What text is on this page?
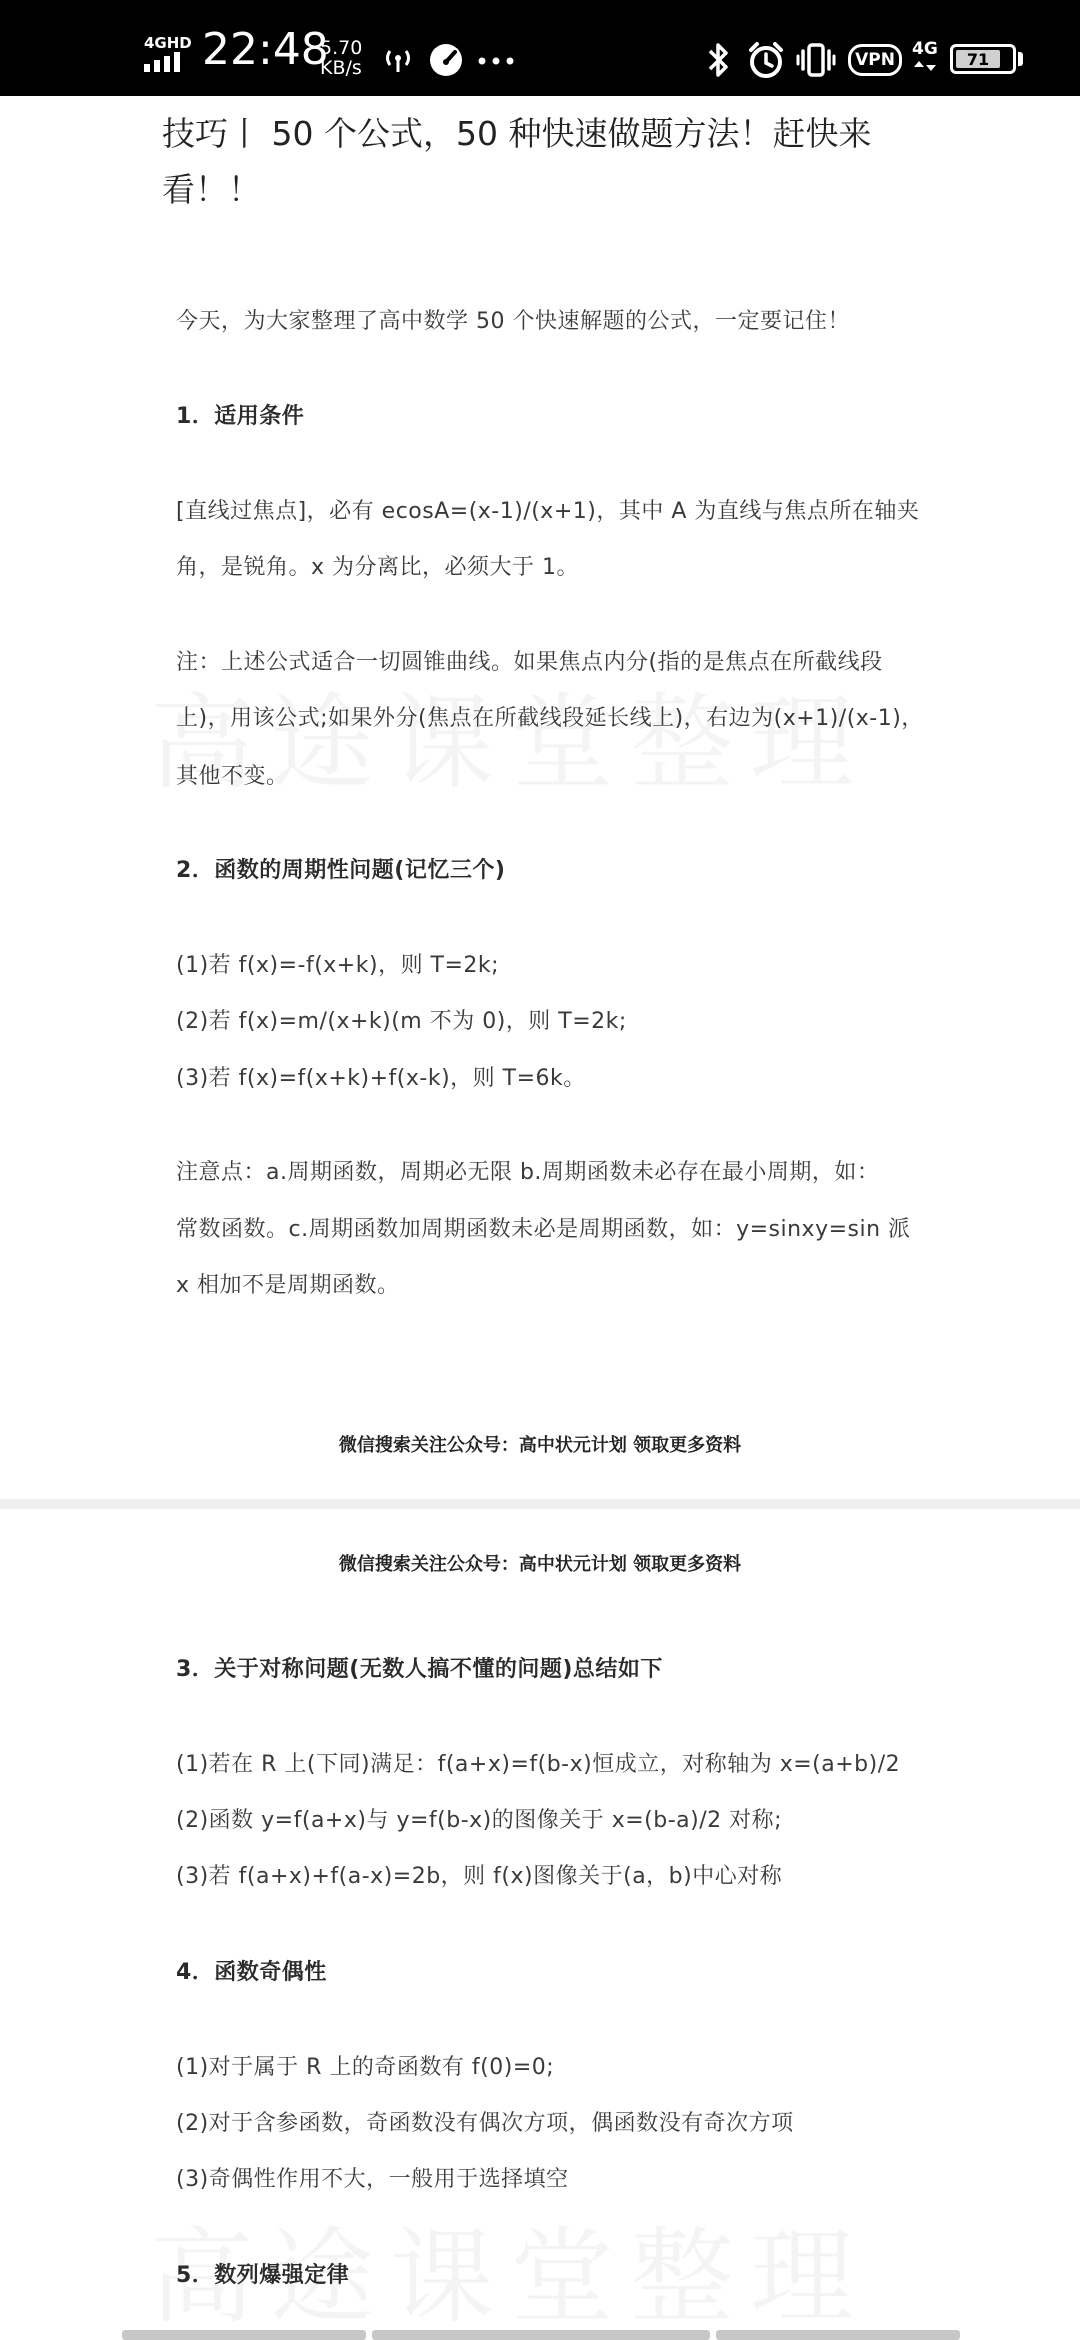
4GHD 22:48
5.70
KB/s	VPN
4G	71
技巧丨 50 个公式，50 种快速做题方法！赶快来
看！！
今天，为大家整理了高中数学 50 个快速解题的公式，一定要记住！
1．适用条件
[直线过焦点]，必有 ecosA=(x-1)/(x+1)，其中 A 为直线与焦点所在轴夹
角，是锐角。x 为分离比，必须大于 1。
注：上述公式适合一切圆锥曲线。如果焦点内分(指的是焦点在所截线段
上)，用该公式;如果外分(焦点在所截线段延长线上)，右边为(x+1)/(x-1)，
其他不变。
2．函数的周期性问题(记忆三个)
(1)若 f(x)=-f(x+k)，则 T=2k;
(2)若 f(x)=m/(x+k)(m 不为 0)，则 T=2k;
(3)若 f(x)=f(x+k)+f(x-k)，则 T=6k。
注意点：a.周期函数，周期必无限 b.周期函数未必存在最小周期，如：
常数函数。c.周期函数加周期函数未必是周期函数，如：y=sinxy=sin 派
x 相加不是周期函数。
微信搜索关注公众号：高中状元计划 领取更多资料
微信搜索关注公众号：高中状元计划 领取更多资料
3．关于对称问题(无数人搞不懂的问题)总结如下
(1)若在 R 上(下同)满足：f(a+x)=f(b-x)恒成立，对称轴为 x=(a+b)/2
(2)函数 y=f(a+x)与 y=f(b-x)的图像关于 x=(b-a)/2 对称;
(3)若 f(a+x)+f(a-x)=2b，则 f(x)图像关于(a，b)中心对称
4．函数奇偶性
(1)对于属于 R 上的奇函数有 f(0)=0;
(2)对于含参函数，奇函数没有偶次方项，偶函数没有奇次方项
(3)奇偶性作用不大，一般用于选择填空
5．数列爆强定律
